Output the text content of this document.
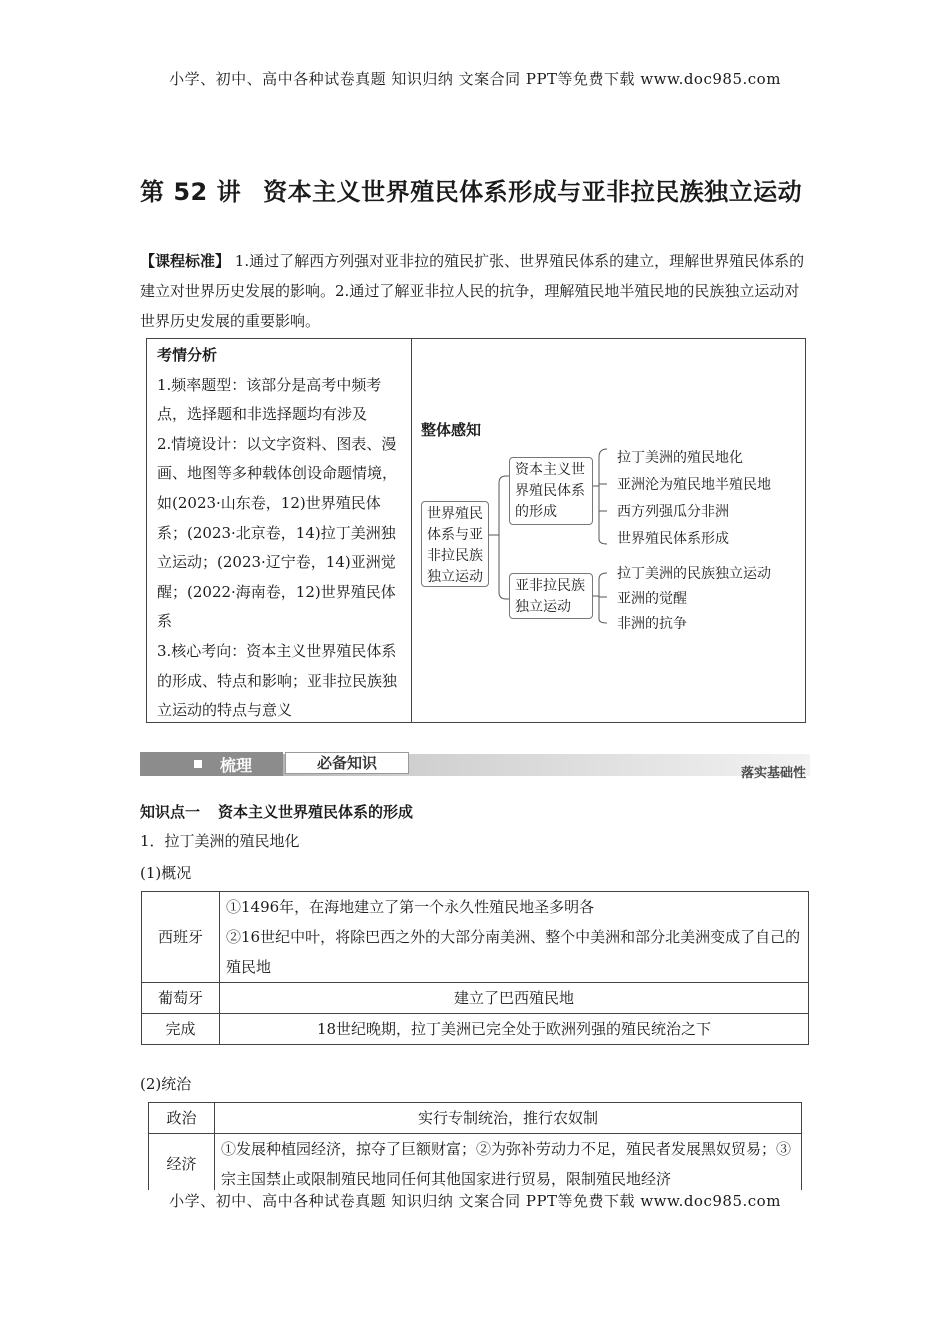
小学、初中、高中各种试卷真题 知识归纳 文案合同 PPT等免费下载 www.doc985.com
第 52 讲 资本主义世界殖民体系形成与亚非拉民族独立运动
【课程标准】 1.通过了解西方列强对亚非拉的殖民扩张、世界殖民体系的建立，理解世界殖民体系的建立对世界历史发展的影响。2.通过了解亚非拉人民的抗争，理解殖民地半殖民地的民族独立运动对世界历史发展的重要影响。
考情分析
1.频率题型：该部分是高考中频考点，选择题和非选择题均有涉及
2.情境设计：以文字资料、图表、漫画、地图等多种载体创设命题情境，如(2023·山东卷，12)世界殖民体系；(2023·北京卷，14)拉丁美洲独立运动；(2023·辽宁卷，14)亚洲觉醒；(2022·海南卷，12)世界殖民体系
3.核心考向：资本主义世界殖民体系的形成、特点和影响；亚非拉民族独立运动的特点与意义
整体感知
世界殖民体系与亚非拉民族独立运动
资本主义世界殖民体系的形成
亚非拉民族独立运动
拉丁美洲的殖民地化
亚洲沦为殖民地半殖民地
西方列强瓜分非洲
世界殖民体系形成
拉丁美洲的民族独立运动
亚洲的觉醒
非洲的抗争
梳理	必备知识
落实基础性
知识点一 资本主义世界殖民体系的形成
1．拉丁美洲的殖民地化
(1)概况
西班牙	①1496年，在海地建立了第一个永久性殖民地圣多明各
②16世纪中叶，将除巴西之外的大部分南美洲、整个中美洲和部分北美洲变成了自己的殖民地

葡萄牙	建立了巴西殖民地
完成	18世纪晚期，拉丁美洲已完全处于欧洲列强的殖民统治之下
(2)统治
政治	实行专制统治，推行农奴制
经济	①发展种植园经济，掠夺了巨额财富；②为弥补劳动力不足，殖民者发展黑奴贸易；③宗主国禁止或限制殖民地同任何其他国家进行贸易，限制殖民地经济
小学、初中、高中各种试卷真题 知识归纳 文案合同 PPT等免费下载 www.doc985.com
